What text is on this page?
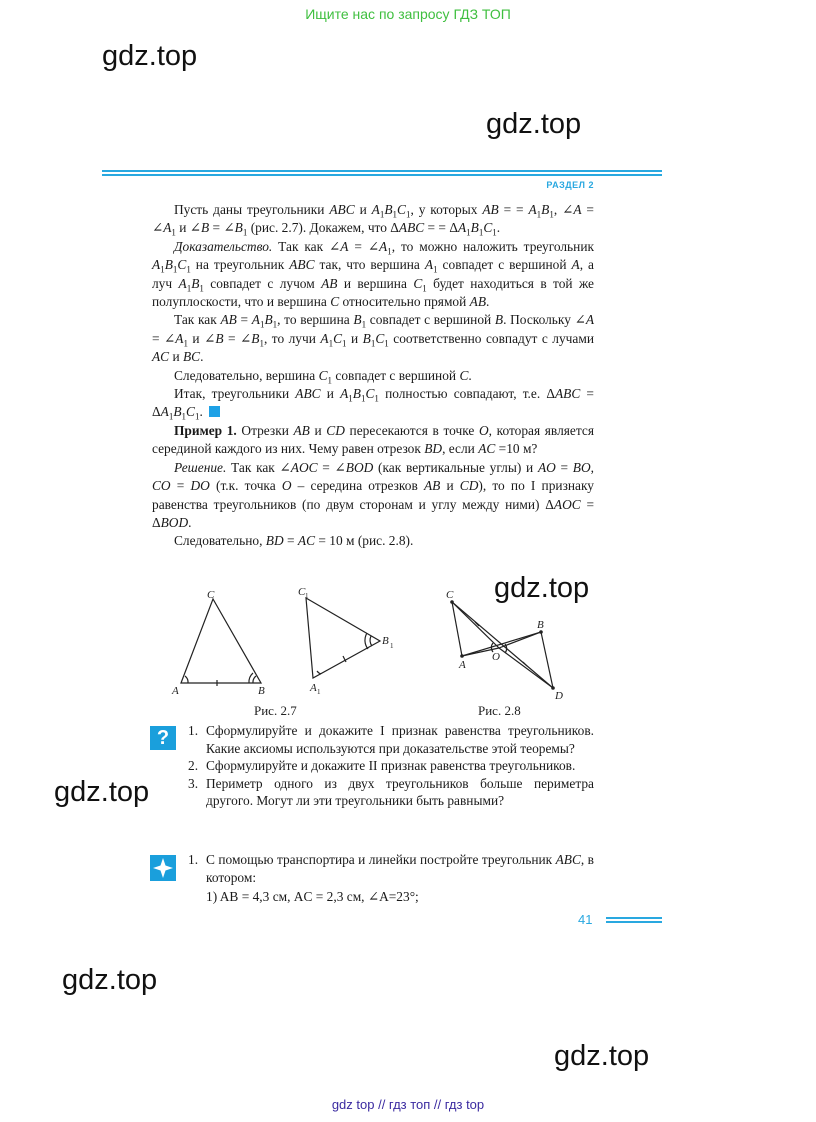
Ищите нас по запросу ГДЗ ТОП
gdz.top
gdz.top
gdz.top
gdz.top
gdz.top
gdz.top
РАЗДЕЛ 2

Пусть даны треугольники ABC и $A_1B_1C_1$, у которых AB = = $A_1B_1$, ∠A = $\angle A_1$ и ∠B = $\angle B_1$ (рис. 2.7). Докажем, что ΔABC = = $\Delta A_1B_1C_1$.

Доказательство. Так как ∠A = $\angle A_1$, то можно наложить треугольник $A_1B_1C_1$ на треугольник ABC так, что вершина $A_1$ совпадет с вершиной A, а луч $A_1B_1$ совпадет с лучом AB и вершина $C_1$ будет находиться в той же полуплоскости, что и вершина C относительно прямой AB.

Так как AB = $A_1B_1$, то вершина $B_1$ совпадет с вершиной B. Поскольку ∠A = $\angle A_1$ и ∠B = $\angle B_1$, то лучи $A_1C_1$ и $B_1C_1$ соответственно совпадут с лучами AC и BC.

Следовательно, вершина $C_1$ совпадет с вершиной C.

Итак, треугольники ABC и $A_1B_1C_1$ полностью совпадают, т.е. $\Delta ABC = \Delta A_1B_1C_1$.

Пример 1. Отрезки AB и CD пересекаются в точке O, которая является серединой каждого из них. Чему равен отрезок BD, если AC =10 м?

Решение. Так как ∠AOC = ∠BOD (как вертикальные углы) и AO = BO, CO = DO (т.к. точка O – середина отрезков AB и CD), то по I признаку равенства треугольников (по двум сторонам и углу между ними) ΔAOC = ΔBOD.

Следовательно, BD = AC = 10 м (рис. 2.8).

C
A	B
C 1
B 1
A 1
C
B
A
O
D
Рис. 2.7	Рис. 2.8
?	1. Сформулируйте и докажите I признак равенства треугольников. Какие аксиомы используются при доказательстве этой теоремы?
2. Сформулируйте и докажите II признак равенства треугольников.
3. Периметр одного из двух треугольников больше периметра другого. Могут ли эти треугольники быть равными?
1. С помощью транспортира и линейки постройте треугольник ABC, в котором:
1) AB = 4,3 см, AC = 2,3 см, ∠A=23°;
41
gdz top // гдз топ // гдз top
